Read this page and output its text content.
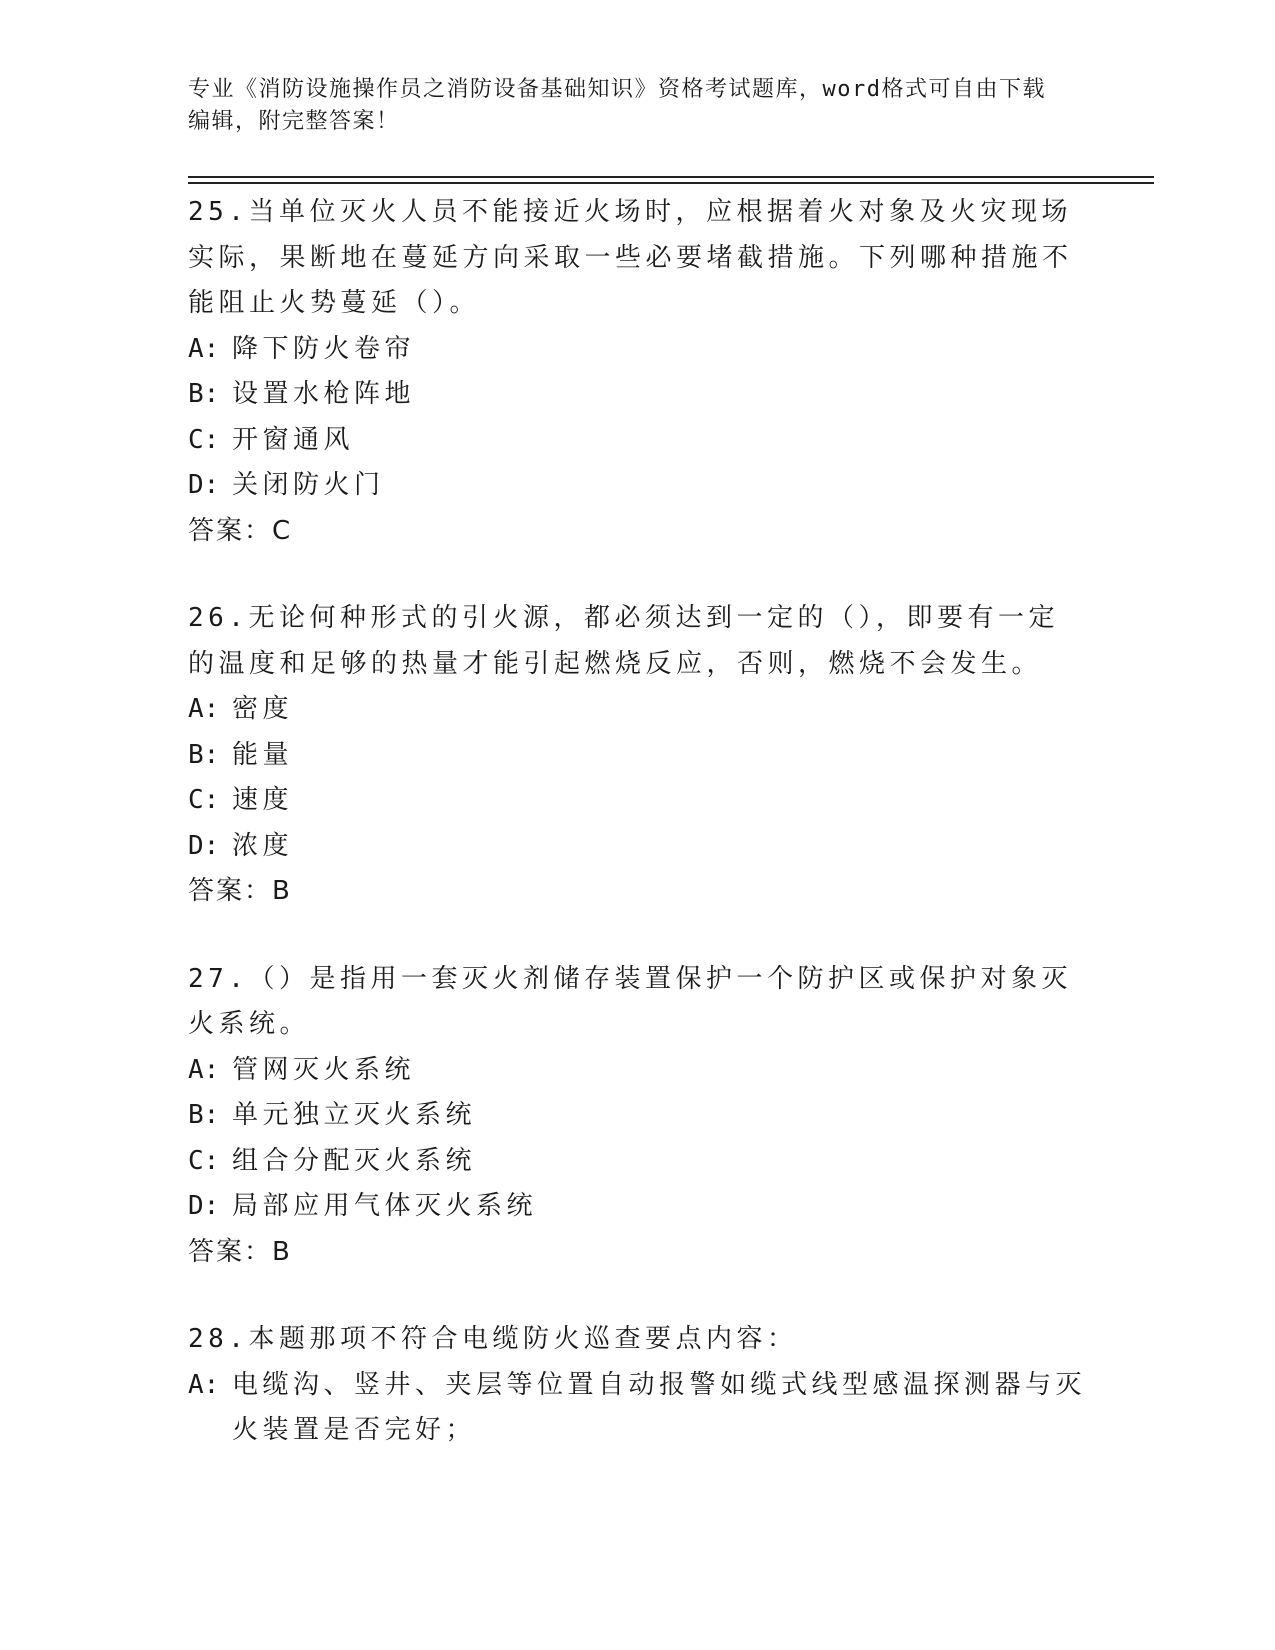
专业《消防设施操作员之消防设备基础知识》资格考试题库，word格式可自由下载编辑，附完整答案！

25.当单位灭火人员不能接近火场时，应根据着火对象及火灾现场实际，果断地在蔓延方向采取一些必要堵截措施。下列哪种措施不能阻止火势蔓延（）。

A: 降下防火卷帘
B: 设置水枪阵地
C: 开窗通风
D: 关闭防火门

答案：C

26.无论何种形式的引火源，都必须达到一定的（），即要有一定的温度和足够的热量才能引起燃烧反应，否则，燃烧不会发生。

A: 密度
B: 能量
C: 速度
D: 浓度

答案：B

27.（）是指用一套灭火剂储存装置保护一个防护区或保护对象灭火系统。

A: 管网灭火系统
B: 单元独立灭火系统
C: 组合分配灭火系统
D: 局部应用气体灭火系统

答案：B

28.本题那项不符合电缆防火巡查要点内容：

A: 电缆沟、竖井、夹层等位置自动报警如缆式线型感温探测器与灭火装置是否完好；
